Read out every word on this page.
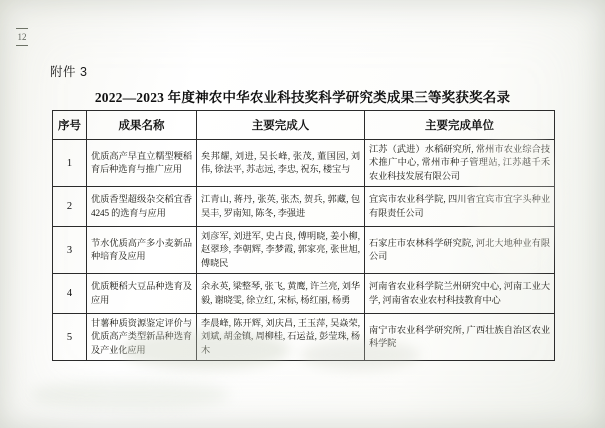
12
附件 3
2022—2023 年度神农中华农业科技奖科学研究类成果三等奖获奖名录
序号	成果名称	主要完成人	主要完成单位
1	优质高产早直立糯型粳稻育后种选育与推广应用	矣邦耀, 刘进, 吴长峰, 张茂, 董国园, 刘伟, 徐法平, 苏志远, 李忠, 祝东, 楼宝与	江苏（武进）水稻研究所, 常州市农业综合技术推广中心, 常州市种子管理站, 江苏越千禾农业科技发展有限公司
2	优质香型超级杂交稻宜香 4245 的选育与应用	江青山, 蒋丹, 张英, 张杰, 贺兵, 郭藏, 包昊丰, 罗南知, 陈冬, 李强进	宜宾市农业科学院, 四川省宜宾市宜字头种业有限责任公司
3	节水优质高产多小麦新品种培育及应用	刘彦军, 刘进军, 史占良, 傅明晓, 姜小柳, 赵翠珍, 李朝辉, 李梦霞, 郭家亮, 张世旭, 傅晓民	石家庄市农林科学研究院, 河北大地种业有限公司
4	优质粳稻大豆品种选育及应用	余永英, 梁整琴, 张飞, 黄鹰, 许兰亮, 刘华毅, 谢晓雯, 徐立红, 宋标, 杨红丽, 杨勇	河南省农业科学院兰州研究中心, 河南工业大学, 河南省农业农村科技教育中心
5	甘薯种质资源鉴定评价与优质高产类型新品种选育及产业化应用	李晨峰, 陈开辉, 刘庆昌, 王玉萍, 吴焱荣, 刘斌, 胡金镇, 周柳桂, 石运益, 彭莹珠, 杨木	南宁市农业科学研究所, 广西壮族自治区农业科学院
